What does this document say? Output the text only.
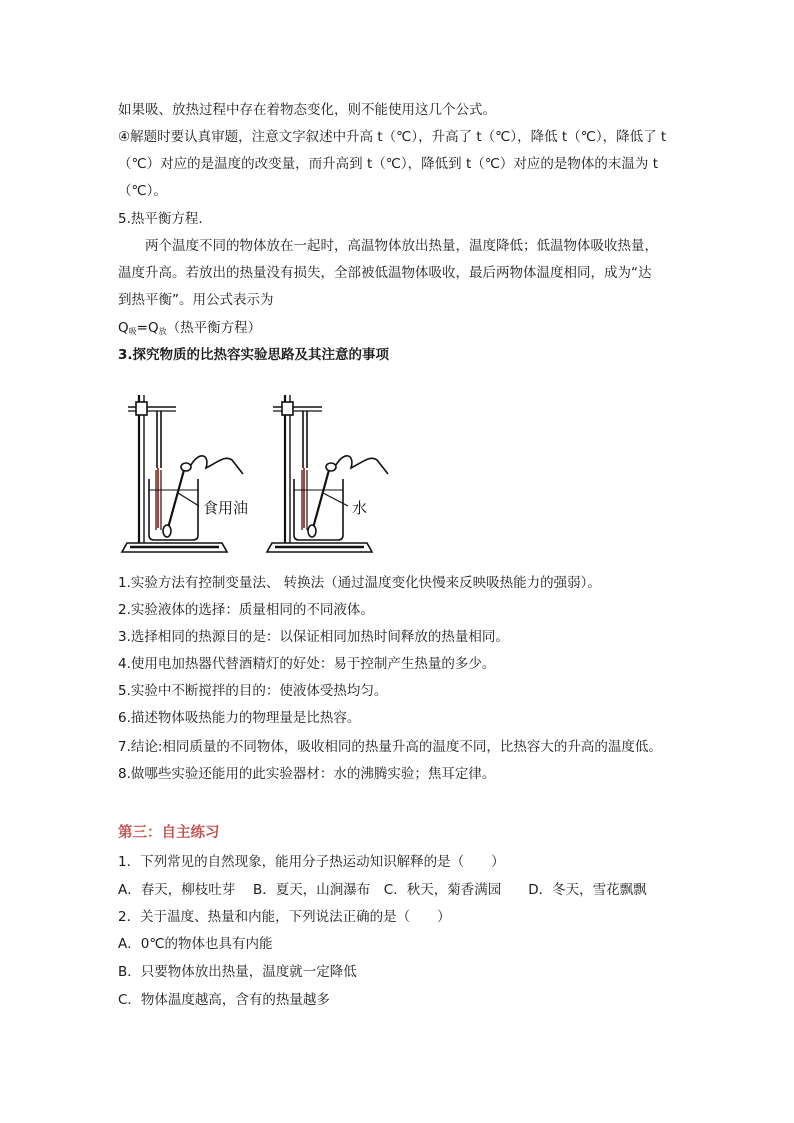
如果吸、放热过程中存在着物态变化，则不能使用这几个公式。
④解题时要认真审题，注意文字叙述中升高 t（℃），升高了 t（℃），降低 t（℃），降低了 t
（℃）对应的是温度的改变量，而升高到 t（℃），降低到 t（℃）对应的是物体的末温为 t
（℃）。
5.热平衡方程.
两个温度不同的物体放在一起时，高温物体放出热量，温度降低；低温物体吸收热量，
温度升高。若放出的热量没有损失，全部被低温物体吸收，最后两物体温度相同，成为“达
到热平衡”。用公式表示为
$Q_吸=Q_放$（热平衡方程）
3.探究物质的比热容实验思路及其注意的事项
食用油	水
1.实验方法有控制变量法、 转换法（通过温度变化快慢来反映吸热能力的强弱）。
2.实验液体的选择：质量相同的不同液体。
3.选择相同的热源目的是：以保证相同加热时间释放的热量相同。
4.使用电加热器代替酒精灯的好处：易于控制产生热量的多少。
5.实验中不断搅拌的目的：使液体受热均匀。
6.描述物体吸热能力的物理量是比热容。
7.结论:相同质量的不同物体，吸收相同的热量升高的温度不同，比热容大的升高的温度低。
8.做哪些实验还能用的此实验器材：水的沸腾实验；焦耳定律。
第三：自主练习
1．下列常见的自然现象，能用分子热运动知识解释的是（　　）
A．春天，柳枝吐芽　 B．夏天，山涧瀑布　C．秋天，菊香满园　　D．冬天，雪花飘飘
2．关于温度、热量和内能，下列说法正确的是（　　）
A．0℃的物体也具有内能
B．只要物体放出热量，温度就一定降低
C．物体温度越高，含有的热量越多
